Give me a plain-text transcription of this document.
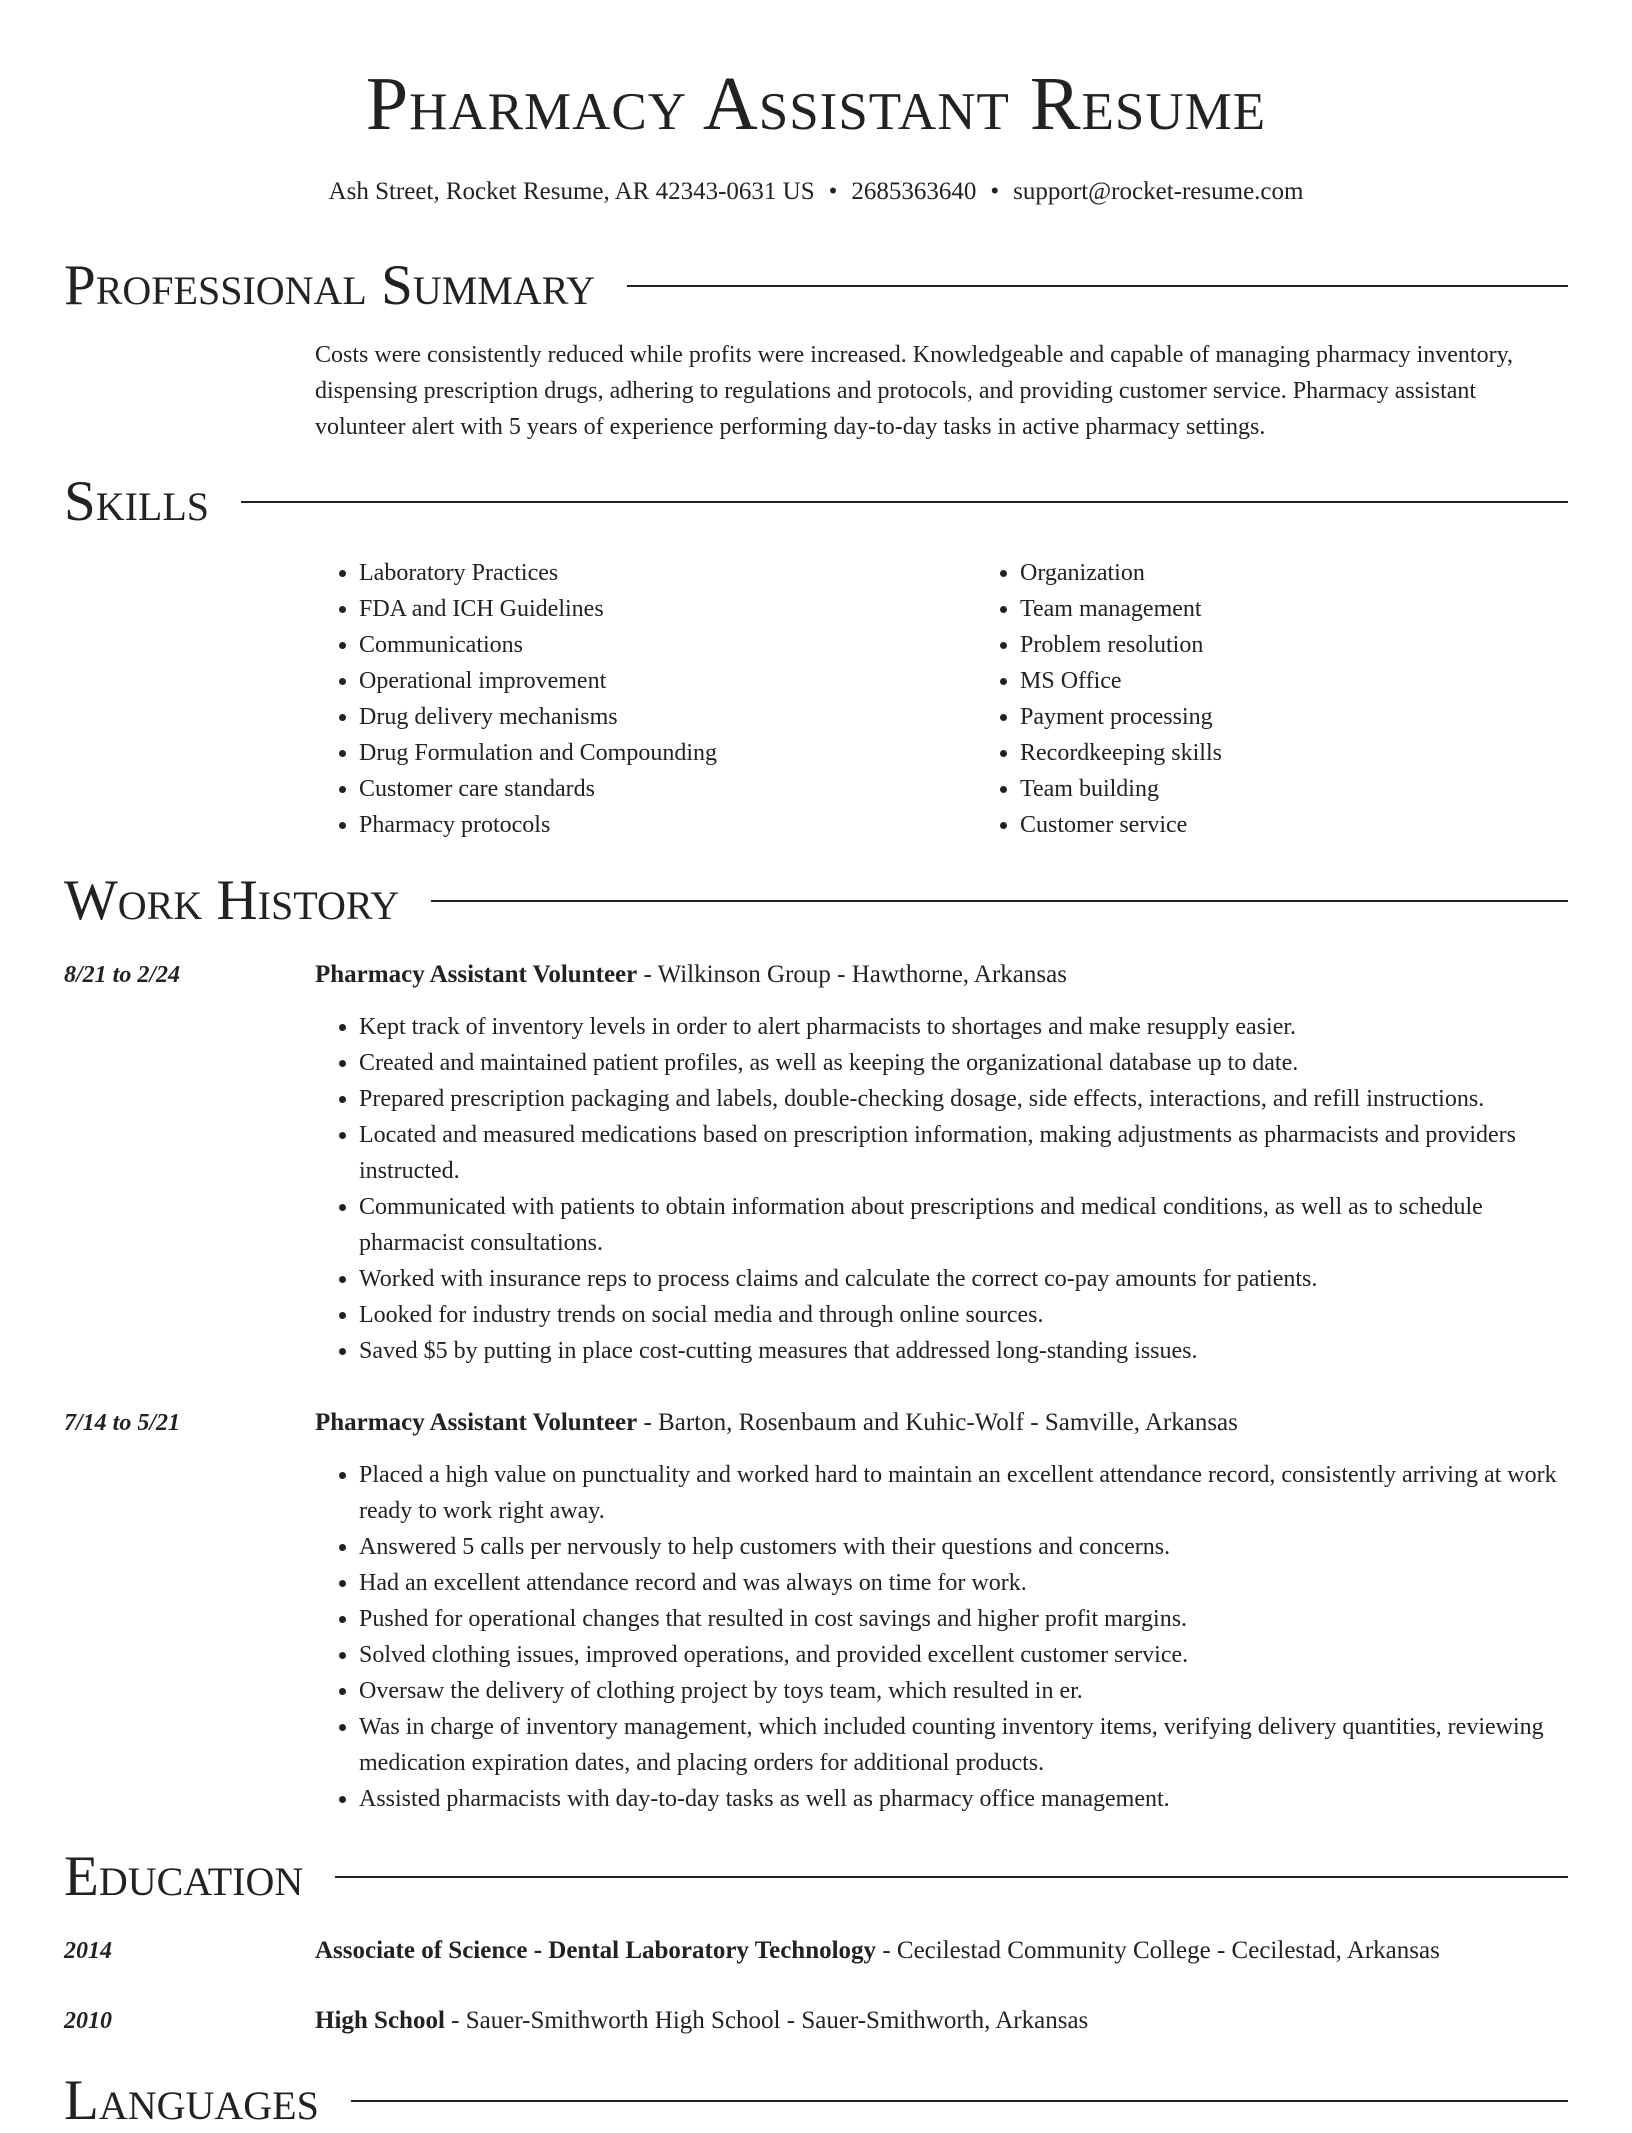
Pharmacy Assistant Resume
Ash Street, Rocket Resume, AR 42343-0631 US • 2685363640 • support@rocket-resume.com
Professional Summary

Costs were consistently reduced while profits were increased. Knowledgeable and capable of managing pharmacy inventory, dispensing prescription drugs, adhering to regulations and protocols, and providing customer service. Pharmacy assistant volunteer alert with 5 years of experience performing day-to-day tasks in active pharmacy settings.

Skills
• Laboratory Practices
• FDA and ICH Guidelines
• Communications
• Operational improvement
• Drug delivery mechanisms
• Drug Formulation and Compounding
• Customer care standards
• Pharmacy protocols
• Organization
• Team management
• Problem resolution
• MS Office
• Payment processing
• Recordkeeping skills
• Team building
• Customer service
Work History
8/21 to 2/24	Pharmacy Assistant Volunteer - Wilkinson Group - Hawthorne, Arkansas
• Kept track of inventory levels in order to alert pharmacists to shortages and make resupply easier.
• Created and maintained patient profiles, as well as keeping the organizational database up to date.
• Prepared prescription packaging and labels, double-checking dosage, side effects, interactions, and refill instructions.
• Located and measured medications based on prescription information, making adjustments as pharmacists and providers instructed.
• Communicated with patients to obtain information about prescriptions and medical conditions, as well as to schedule pharmacist consultations.
• Worked with insurance reps to process claims and calculate the correct co-pay amounts for patients.
• Looked for industry trends on social media and through online sources.
• Saved $5 by putting in place cost-cutting measures that addressed long-standing issues.
7/14 to 5/21	Pharmacy Assistant Volunteer - Barton, Rosenbaum and Kuhic-Wolf - Samville, Arkansas
• Placed a high value on punctuality and worked hard to maintain an excellent attendance record, consistently arriving at work ready to work right away.
• Answered 5 calls per nervously to help customers with their questions and concerns.
• Had an excellent attendance record and was always on time for work.
• Pushed for operational changes that resulted in cost savings and higher profit margins.
• Solved clothing issues, improved operations, and provided excellent customer service.
• Oversaw the delivery of clothing project by toys team, which resulted in er.
• Was in charge of inventory management, which included counting inventory items, verifying delivery quantities, reviewing medication expiration dates, and placing orders for additional products.
• Assisted pharmacists with day-to-day tasks as well as pharmacy office management.
Education
2014	Associate of Science - Dental Laboratory Technology - Cecilestad Community College - Cecilestad, Arkansas
2010	High School - Sauer-Smithworth High School - Sauer-Smithworth, Arkansas
Languages
